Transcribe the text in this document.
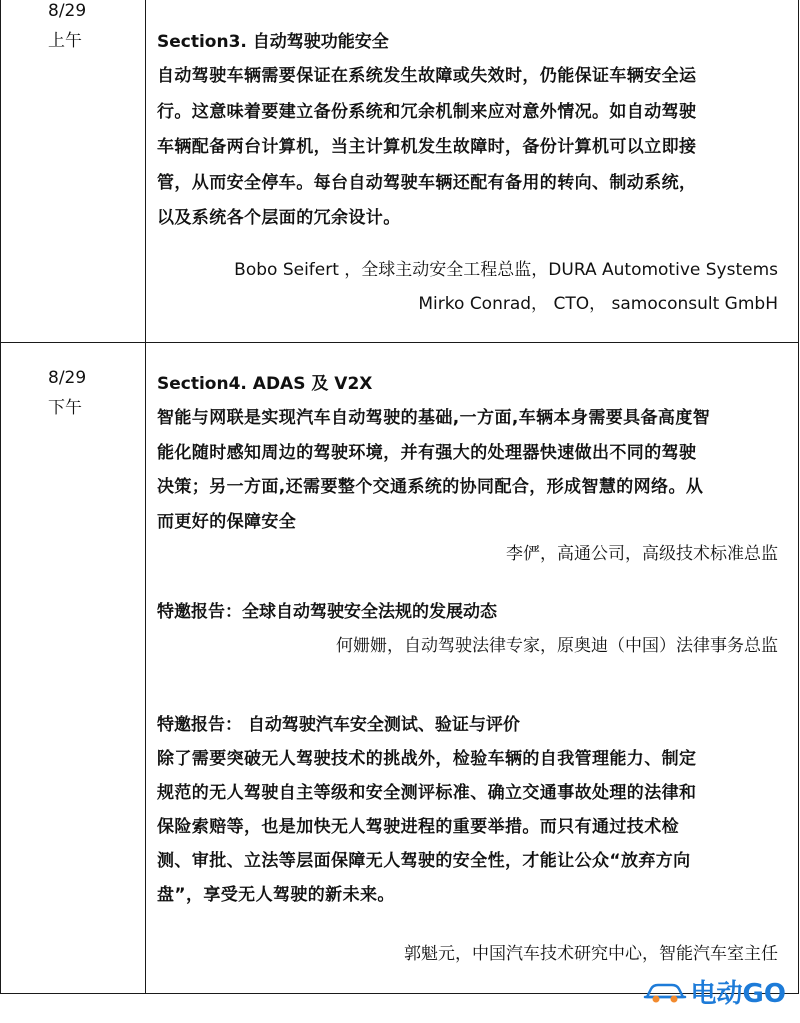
8/29
上午	Section3. 自动驾驶功能安全
自动驾驶车辆需要保证在系统发生故障或失效时，仍能保证车辆安全运
行。这意味着要建立备份系统和冗余机制来应对意外情况。如自动驾驶
车辆配备两台计算机，当主计算机发生故障时，备份计算机可以立即接
管，从而安全停车。每台自动驾驶车辆还配有备用的转向、制动系统，
以及系统各个层面的冗余设计。
Bobo Seifert ，全球主动安全工程总监，DURA Automotive Systems
Mirko Conrad， CTO， samoconsult GmbH
8/29
下午
Section4. ADAS 及 V2X
智能与网联是实现汽车自动驾驶的基础,一方面,车辆本身需要具备高度智
能化随时感知周边的驾驶环境，并有强大的处理器快速做出不同的驾驶
决策；另一方面,还需要整个交通系统的协同配合，形成智慧的网络。从
而更好的保障安全
李俨，高通公司，高级技术标准总监
特邀报告：全球自动驾驶安全法规的发展动态
何姗姗，自动驾驶法律专家，原奥迪（中国）法律事务总监
特邀报告： 自动驾驶汽车安全测试、验证与评价
除了需要突破无人驾驶技术的挑战外，检验车辆的自我管理能力、制定
规范的无人驾驶自主等级和安全测评标准、确立交通事故处理的法律和
保险索赔等，也是加快无人驾驶进程的重要举措。而只有通过技术检
测、审批、立法等层面保障无人驾驶的安全性，才能让公众“放弃方向
盘”，享受无人驾驶的新未来。
郭魁元，中国汽车技术研究中心，智能汽车室主任
电动GO
